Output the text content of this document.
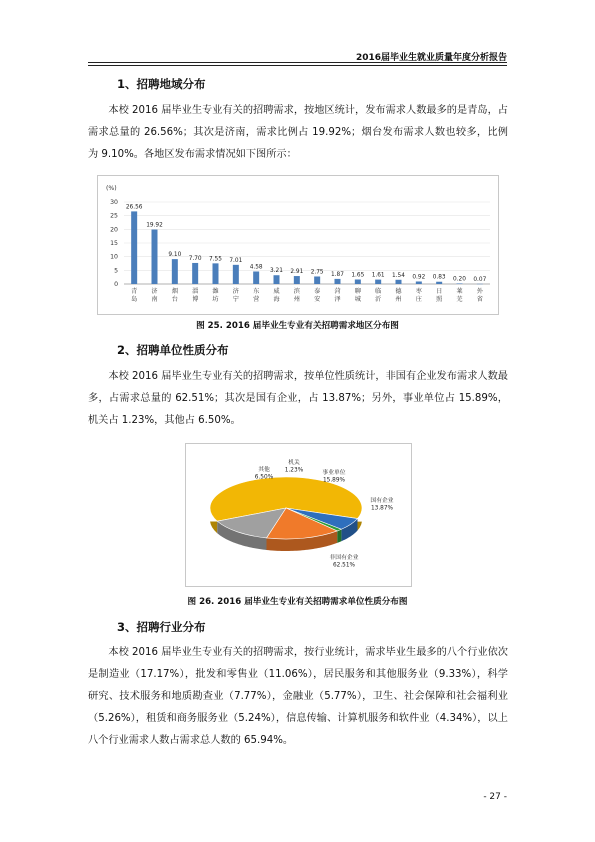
2016届毕业生就业质量年度分析报告
1、招聘地域分布

本校 2016 届毕业生专业有关的招聘需求，按地区统计，发布需求人数最多的是青岛，占需求总量的 26.56%；其次是济南，需求比例占 19.92%；烟台发布需求人数也较多，比例为 9.10%。各地区发布需求情况如下图所示：

(%)
0
5
10
15
20
25
30
26.56
青岛
19.92
济南
9.10
烟台
7.70
淄博
7.55
潍坊
7.01
济宁
4.58
东营
3.21
威海
2.91
滨州
2.75
泰安
1.87
菏泽
1.65
聊城
1.61
临沂
1.54
德州
0.92
枣庄
0.83
日照
0.20
莱芜
0.07
外省
图 25. 2016 届毕业生专业有关招聘需求地区分布图
2、招聘单位性质分布

本校 2016 届毕业生专业有关的招聘需求，按单位性质统计，非国有企业发布需求人数最多，占需求总量的 62.51%；其次是国有企业，占 13.87%；另外，事业单位占 15.89%，机关占 1.23%，其他占 6.50%。

非国有企业
62.51%
其他
6.50%
机关
1.23%	事业单位
15.89%
国有企业
13.87%
图 26. 2016 届毕业生专业有关招聘需求单位性质分布图
3、招聘行业分布

本校 2016 届毕业生专业有关的招聘需求，按行业统计，需求毕业生最多的八个行业依次是制造业（17.17%），批发和零售业（11.06%），居民服务和其他服务业（9.33%），科学研究、技术服务和地质勘查业（7.77%），金融业（5.77%），卫生、社会保障和社会福利业（5.26%），租赁和商务服务业（5.24%），信息传输、计算机服务和软件业（4.34%），以上八个行业需求人数占需求总人数的 65.94%。

- 27 -
